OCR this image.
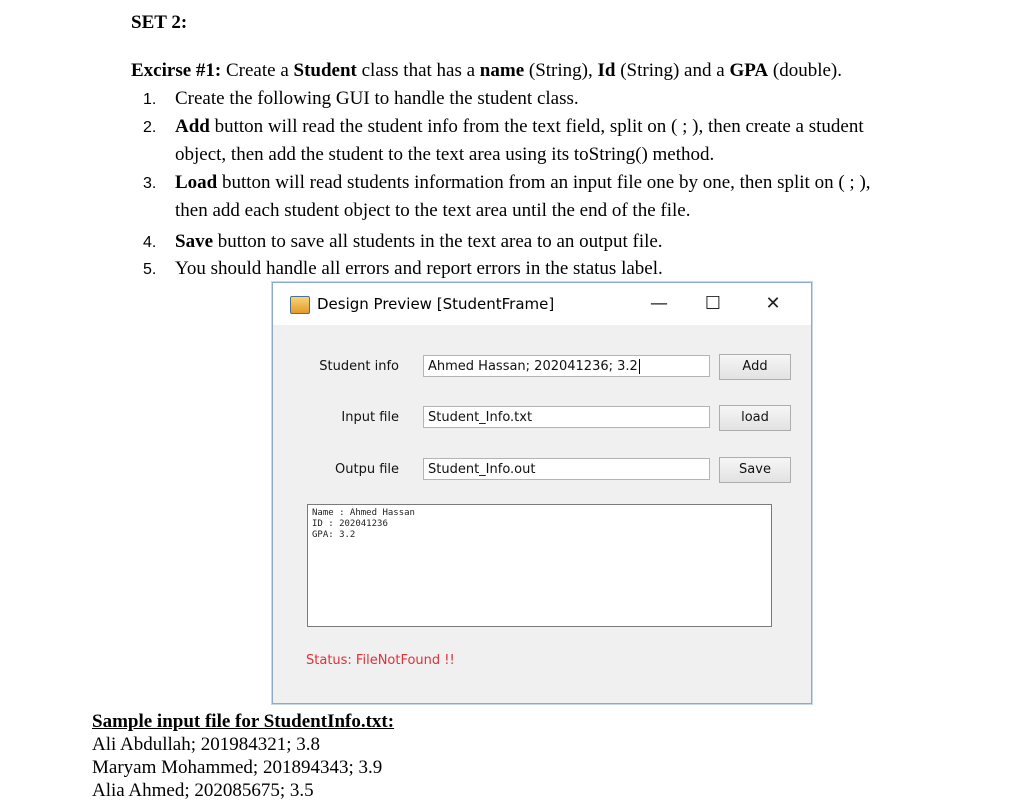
SET 2:
Excirse #1: Create a Student class that has a name (String), Id (String) and a GPA (double).
1. Create the following GUI to handle the student class.
2. Add button will read the student info from the text field, split on ( ; ), then create a student
object, then add the student to the text area using its toString() method.
3. Load button will read students information from an input file one by one, then split on ( ; ),
then add each student object to the text area until the end of the file.
4. Save button to save all students in the text area to an output file.
5. You should handle all errors and report errors in the status label.
Design Preview [StudentFrame]	—	☐	✕
Student info	Ahmed Hassan; 202041236; 3.2	Add
Input file	Student_Info.txt	load
Outpu file	Student_Info.out	Save
Name : Ahmed Hassan
ID : 202041236
GPA: 3.2
Status: FileNotFound !!
Sample input file for StudentInfo.txt:
Ali Abdullah; 201984321; 3.8
Maryam Mohammed; 201894343; 3.9
Alia Ahmed; 202085675; 3.5
